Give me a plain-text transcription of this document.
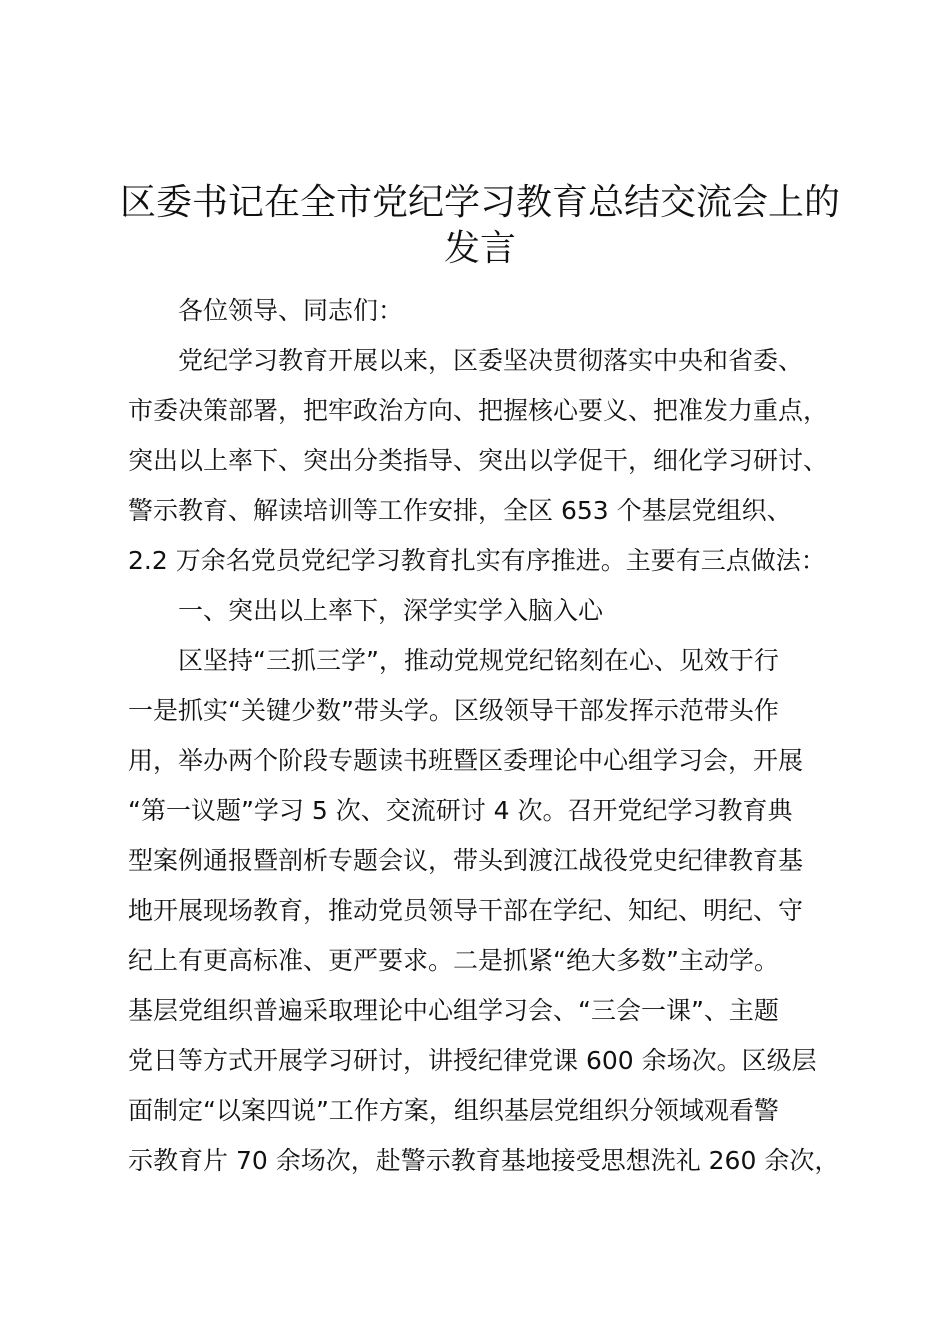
区委书记在全市党纪学习教育总结交流会上的
发言
各位领导、同志们：
党纪学习教育开展以来，区委坚决贯彻落实中央和省委、
市委决策部署，把牢政治方向、把握核心要义、把准发力重点，
突出以上率下、突出分类指导、突出以学促干，细化学习研讨、
警示教育、解读培训等工作安排，全区 653 个基层党组织、
2.2 万余名党员党纪学习教育扎实有序推进。主要有三点做法：
一、突出以上率下，深学实学入脑入心
区坚持“三抓三学”，推动党规党纪铭刻在心、见效于行
一是抓实“关键少数”带头学。区级领导干部发挥示范带头作
用，举办两个阶段专题读书班暨区委理论中心组学习会，开展
“第一议题”学习 5 次、交流研讨 4 次。召开党纪学习教育典
型案例通报暨剖析专题会议，带头到渡江战役党史纪律教育基
地开展现场教育，推动党员领导干部在学纪、知纪、明纪、守
纪上有更高标准、更严要求。二是抓紧“绝大多数”主动学。
基层党组织普遍采取理论中心组学习会、“三会一课”、主题
党日等方式开展学习研讨，讲授纪律党课 600 余场次。区级层
面制定“以案四说”工作方案，组织基层党组织分领域观看警
示教育片 70 余场次，赴警示教育基地接受思想洗礼 260 余次，
